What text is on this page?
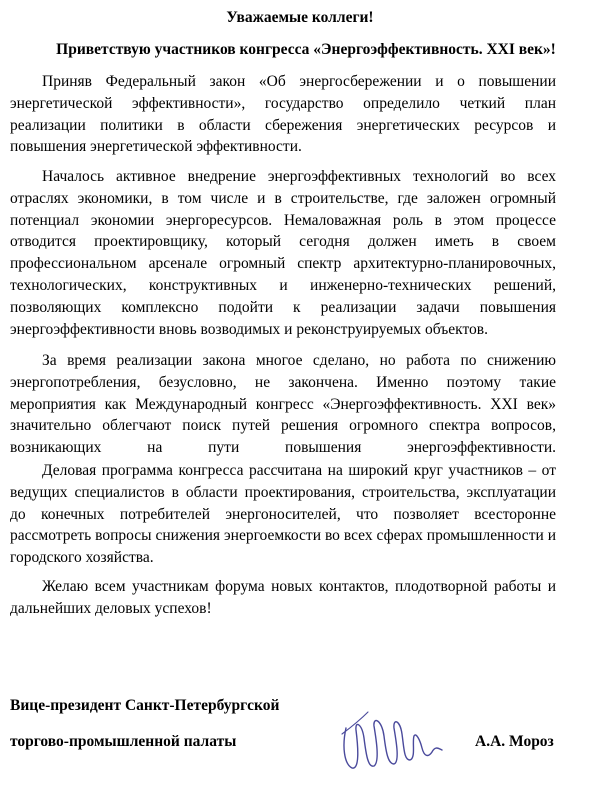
Уважаемые коллеги!
Приветствую участников конгресса «Энергоэффективность. XXI век»!

Приняв Федеральный закон «Об энергосбережении и о повышении энергетической эффективности», государство определило четкий план реализации политики в области сбережения энергетических ресурсов и повышения энергетической эффективности.

Началось активное внедрение энергоэффективных технологий во всех отраслях экономики, в том числе и в строительстве, где заложен огромный потенциал экономии энергоресурсов. Немаловажная роль в этом процессе отводится проектировщику, который сегодня должен иметь в своем профессиональном арсенале огромный спектр архитектурно-планировочных, технологических, конструктивных и инженерно-технических решений, позволяющих комплексно подойти к реализации задачи повышения энергоэффективности вновь возводимых и реконструируемых объектов.

За время реализации закона многое сделано, но работа по снижению энергопотребления, безусловно, не закончена. Именно поэтому такие мероприятия как Международный конгресс «Энергоэффективность. XXI век» значительно облегчают поиск путей решения огромного спектра вопросов, возникающих на пути повышения энергоэффективности.

Деловая программа конгресса рассчитана на широкий круг участников – от ведущих специалистов в области проектирования, строительства, эксплуатации до конечных потребителей энергоносителей, что позволяет всесторонне рассмотреть вопросы снижения энергоемкости во всех сферах промышленности и городского хозяйства.

Желаю всем участникам форума новых контактов, плодотворной работы и дальнейших деловых успехов!

Вице-президент Санкт-Петербургской
торгово-промышленной палаты	А.А. Мороз
